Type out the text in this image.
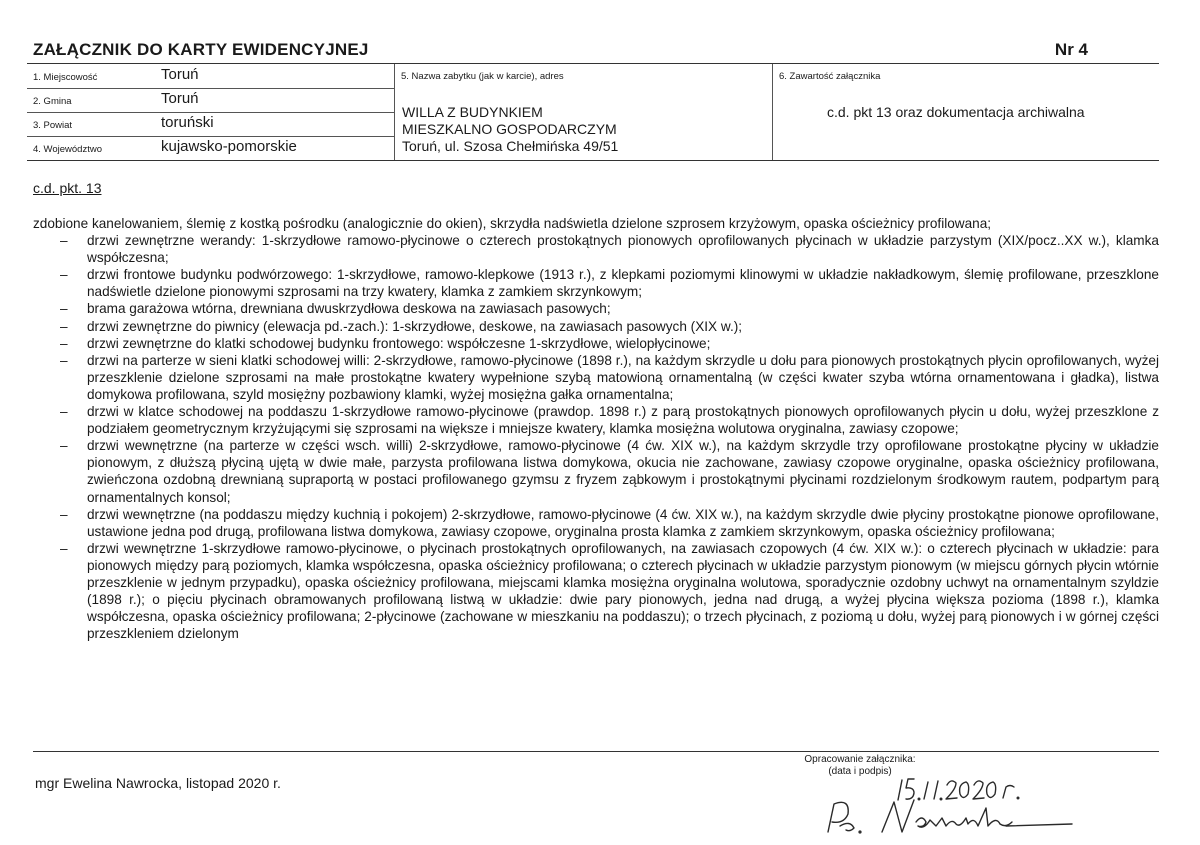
ZAŁĄCZNIK DO KARTY EWIDENCYJNEJ	Nr 4
1. Miejscowość	Toruń
2. Gmina	Toruń
3. Powiat	toruński
4. Województwo	kujawsko-pomorskie
5. Nazwa zabytku (jak w karcie), adres
WILLA Z BUDYNKIEM
MIESZKALNO GOSPODARCZYM
Toruń, ul. Szosa Chełmińska 49/51
6. Zawartość załącznika
c.d. pkt 13 oraz dokumentacja archiwalna
c.d. pkt. 13

zdobione kanelowaniem, ślemię z kostką pośrodku (analogicznie do okien), skrzydła nadświetla dzielone szprosem krzyżowym, opaska ościeżnicy profilowana;

– drzwi zewnętrzne werandy: 1-skrzydłowe ramowo-płycinowe o czterech prostokątnych pionowych oprofilowanych płycinach w układzie parzystym (XIX/pocz..XX w.), klamka współczesna;
– drzwi frontowe budynku podwórzowego: 1-skrzydłowe, ramowo-klepkowe (1913 r.), z klepkami poziomymi klinowymi w układzie nakładkowym, ślemię profilowane, przeszklone nadświetle dzielone pionowymi szprosami na trzy kwatery, klamka z zamkiem skrzynkowym;
– brama garażowa wtórna, drewniana dwuskrzydłowa deskowa na zawiasach pasowych;
– drzwi zewnętrzne do piwnicy (elewacja pd.-zach.): 1-skrzydłowe, deskowe, na zawiasach pasowych (XIX w.);
– drzwi zewnętrzne do klatki schodowej budynku frontowego: współczesne 1-skrzydłowe, wielopłycinowe;
– drzwi na parterze w sieni klatki schodowej willi: 2-skrzydłowe, ramowo-płycinowe (1898 r.), na każdym skrzydle u dołu para pionowych prostokątnych płycin oprofilowanych, wyżej przeszklenie dzielone szprosami na małe prostokątne kwatery wypełnione szybą matowioną ornamentalną (w części kwater szyba wtórna ornamentowana i gładka), listwa domykowa profilowana, szyld mosiężny pozbawiony klamki, wyżej mosiężna gałka ornamentalna;
– drzwi w klatce schodowej na poddaszu 1-skrzydłowe ramowo-płycinowe (prawdop. 1898 r.) z parą prostokątnych pionowych oprofilowanych płycin u dołu, wyżej przeszklone z podziałem geometrycznym krzyżującymi się szprosami na większe i mniejsze kwatery, klamka mosiężna wolutowa oryginalna, zawiasy czopowe;
– drzwi wewnętrzne (na parterze w części wsch. willi) 2-skrzydłowe, ramowo-płycinowe (4 ćw. XIX w.), na każdym skrzydle trzy oprofilowane prostokątne płyciny w układzie pionowym, z dłuższą płyciną ujętą w dwie małe, parzysta profilowana listwa domykowa, okucia nie zachowane, zawiasy czopowe oryginalne, opaska ościeżnicy profilowana, zwieńczona ozdobną drewnianą supraportą w postaci profilowanego gzymsu z fryzem ząbkowym i prostokątnymi płycinami rozdzielonym środkowym rautem, podpartym parą ornamentalnych konsol;
– drzwi wewnętrzne (na poddaszu między kuchnią i pokojem) 2-skrzydłowe, ramowo-płycinowe (4 ćw. XIX w.), na każdym skrzydle dwie płyciny prostokątne pionowe oprofilowane, ustawione jedna pod drugą, profilowana listwa domykowa, zawiasy czopowe, oryginalna prosta klamka z zamkiem skrzynkowym, opaska ościeżnicy profilowana;
– drzwi wewnętrzne 1-skrzydłowe ramowo-płycinowe, o płycinach prostokątnych oprofilowanych, na zawiasach czopowych (4 ćw. XIX w.): o czterech płycinach w układzie: para pionowych między parą poziomych, klamka współczesna, opaska ościeżnicy profilowana; o czterech płycinach w układzie parzystym pionowym (w miejscu górnych płycin wtórnie przeszklenie w jednym przypadku), opaska ościeżnicy profilowana, miejscami klamka mosiężna oryginalna wolutowa, sporadycznie ozdobny uchwyt na ornamentalnym szyldzie (1898 r.); o pięciu płycinach obramowanych profilowaną listwą w układzie: dwie pary pionowych, jedna nad drugą, a wyżej płycina większa pozioma (1898 r.), klamka współczesna, opaska ościeżnicy profilowana; 2-płycinowe (zachowane w mieszkaniu na poddaszu); o trzech płycinach, z poziomą u dołu, wyżej parą pionowych i w górnej części przeszkleniem dzielonym
mgr Ewelina Nawrocka, listopad 2020 r.
Opracowanie załącznika:
(data i podpis)
